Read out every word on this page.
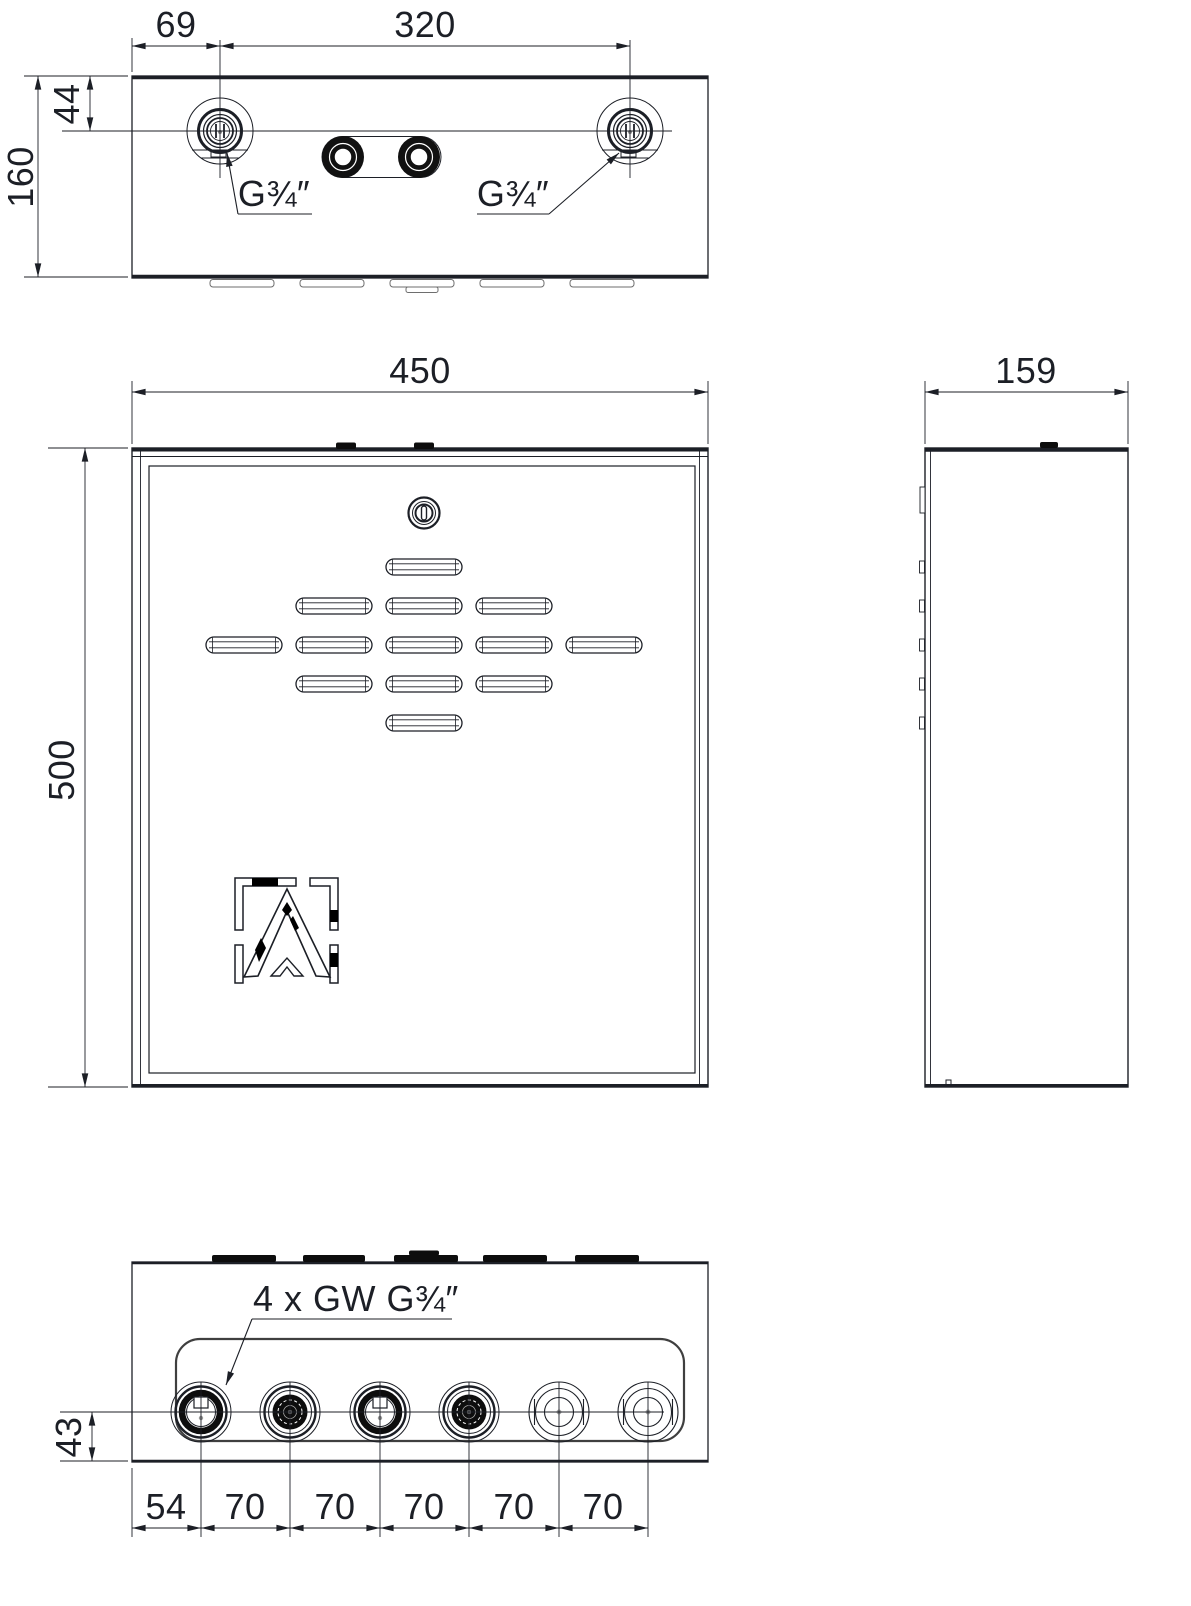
69	320
44
160	G¾″	G¾″
450
500
159
4 x GW G¾″
43
54 70 70 70 70 70
